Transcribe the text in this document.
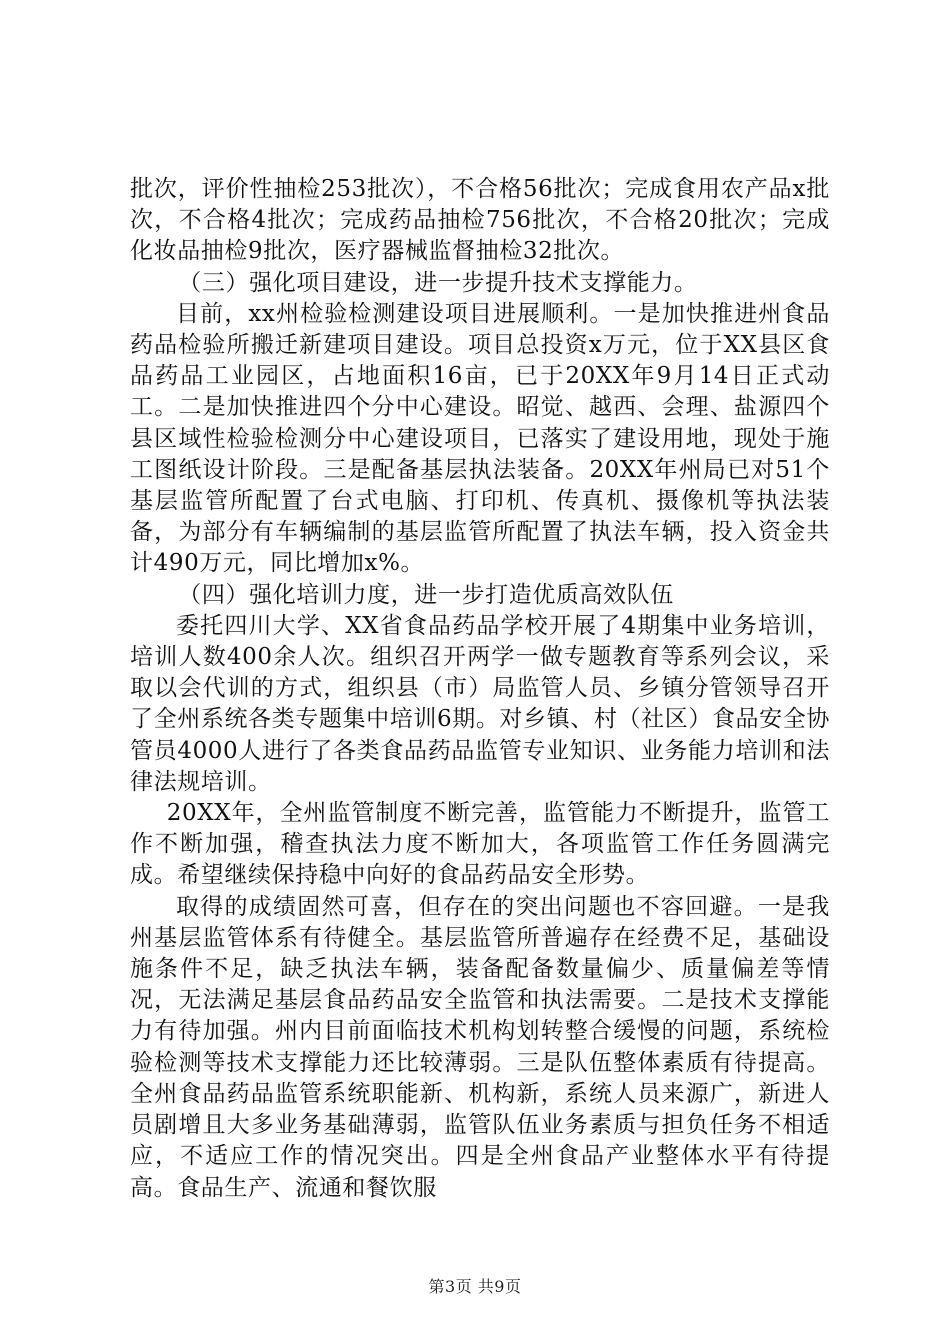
批次，评价性抽检253批次），不合格56批次；完成食用农产品x批次，不合格4批次；完成药品抽检756批次，不合格20批次；完成化妆品抽检9批次，医疗器械监督抽检32批次。

（三）强化项目建设，进一步提升技术支撑能力。

目前，xx州检验检测建设项目进展顺利。一是加快推进州食品药品检验所搬迁新建项目建设。项目总投资x万元，位于XX县区食品药品工业园区，占地面积16亩，已于20XX年9月14日正式动工。二是加快推进四个分中心建设。昭觉、越西、会理、盐源四个县区域性检验检测分中心建设项目，已落实了建设用地，现处于施工图纸设计阶段。三是配备基层执法装备。20XX年州局已对51个基层监管所配置了台式电脑、打印机、传真机、摄像机等执法装备，为部分有车辆编制的基层监管所配置了执法车辆，投入资金共计490万元，同比增加x%。

（四）强化培训力度，进一步打造优质高效队伍

委托四川大学、XX省食品药品学校开展了4期集中业务培训，培训人数400余人次。组织召开两学一做专题教育等系列会议，采取以会代训的方式，组织县（市）局监管人员、乡镇分管领导召开了全州系统各类专题集中培训6期。对乡镇、村（社区）食品安全协管员4000人进行了各类食品药品监管专业知识、业务能力培训和法律法规培训。

20XX年，全州监管制度不断完善，监管能力不断提升，监管工作不断加强，稽查执法力度不断加大，各项监管工作任务圆满完成。希望继续保持稳中向好的食品药品安全形势。

取得的成绩固然可喜，但存在的突出问题也不容回避。一是我州基层监管体系有待健全。基层监管所普遍存在经费不足，基础设施条件不足，缺乏执法车辆，装备配备数量偏少、质量偏差等情况，无法满足基层食品药品安全监管和执法需要。二是技术支撑能力有待加强。州内目前面临技术机构划转整合缓慢的问题，系统检验检测等技术支撑能力还比较薄弱。三是队伍整体素质有待提高。全州食品药品监管系统职能新、机构新，系统人员来源广，新进人员剧增且大多业务基础薄弱，监管队伍业务素质与担负任务不相适应，不适应工作的情况突出。四是全州食品产业整体水平有待提高。食品生产、流通和餐饮服

第3页 共9页
